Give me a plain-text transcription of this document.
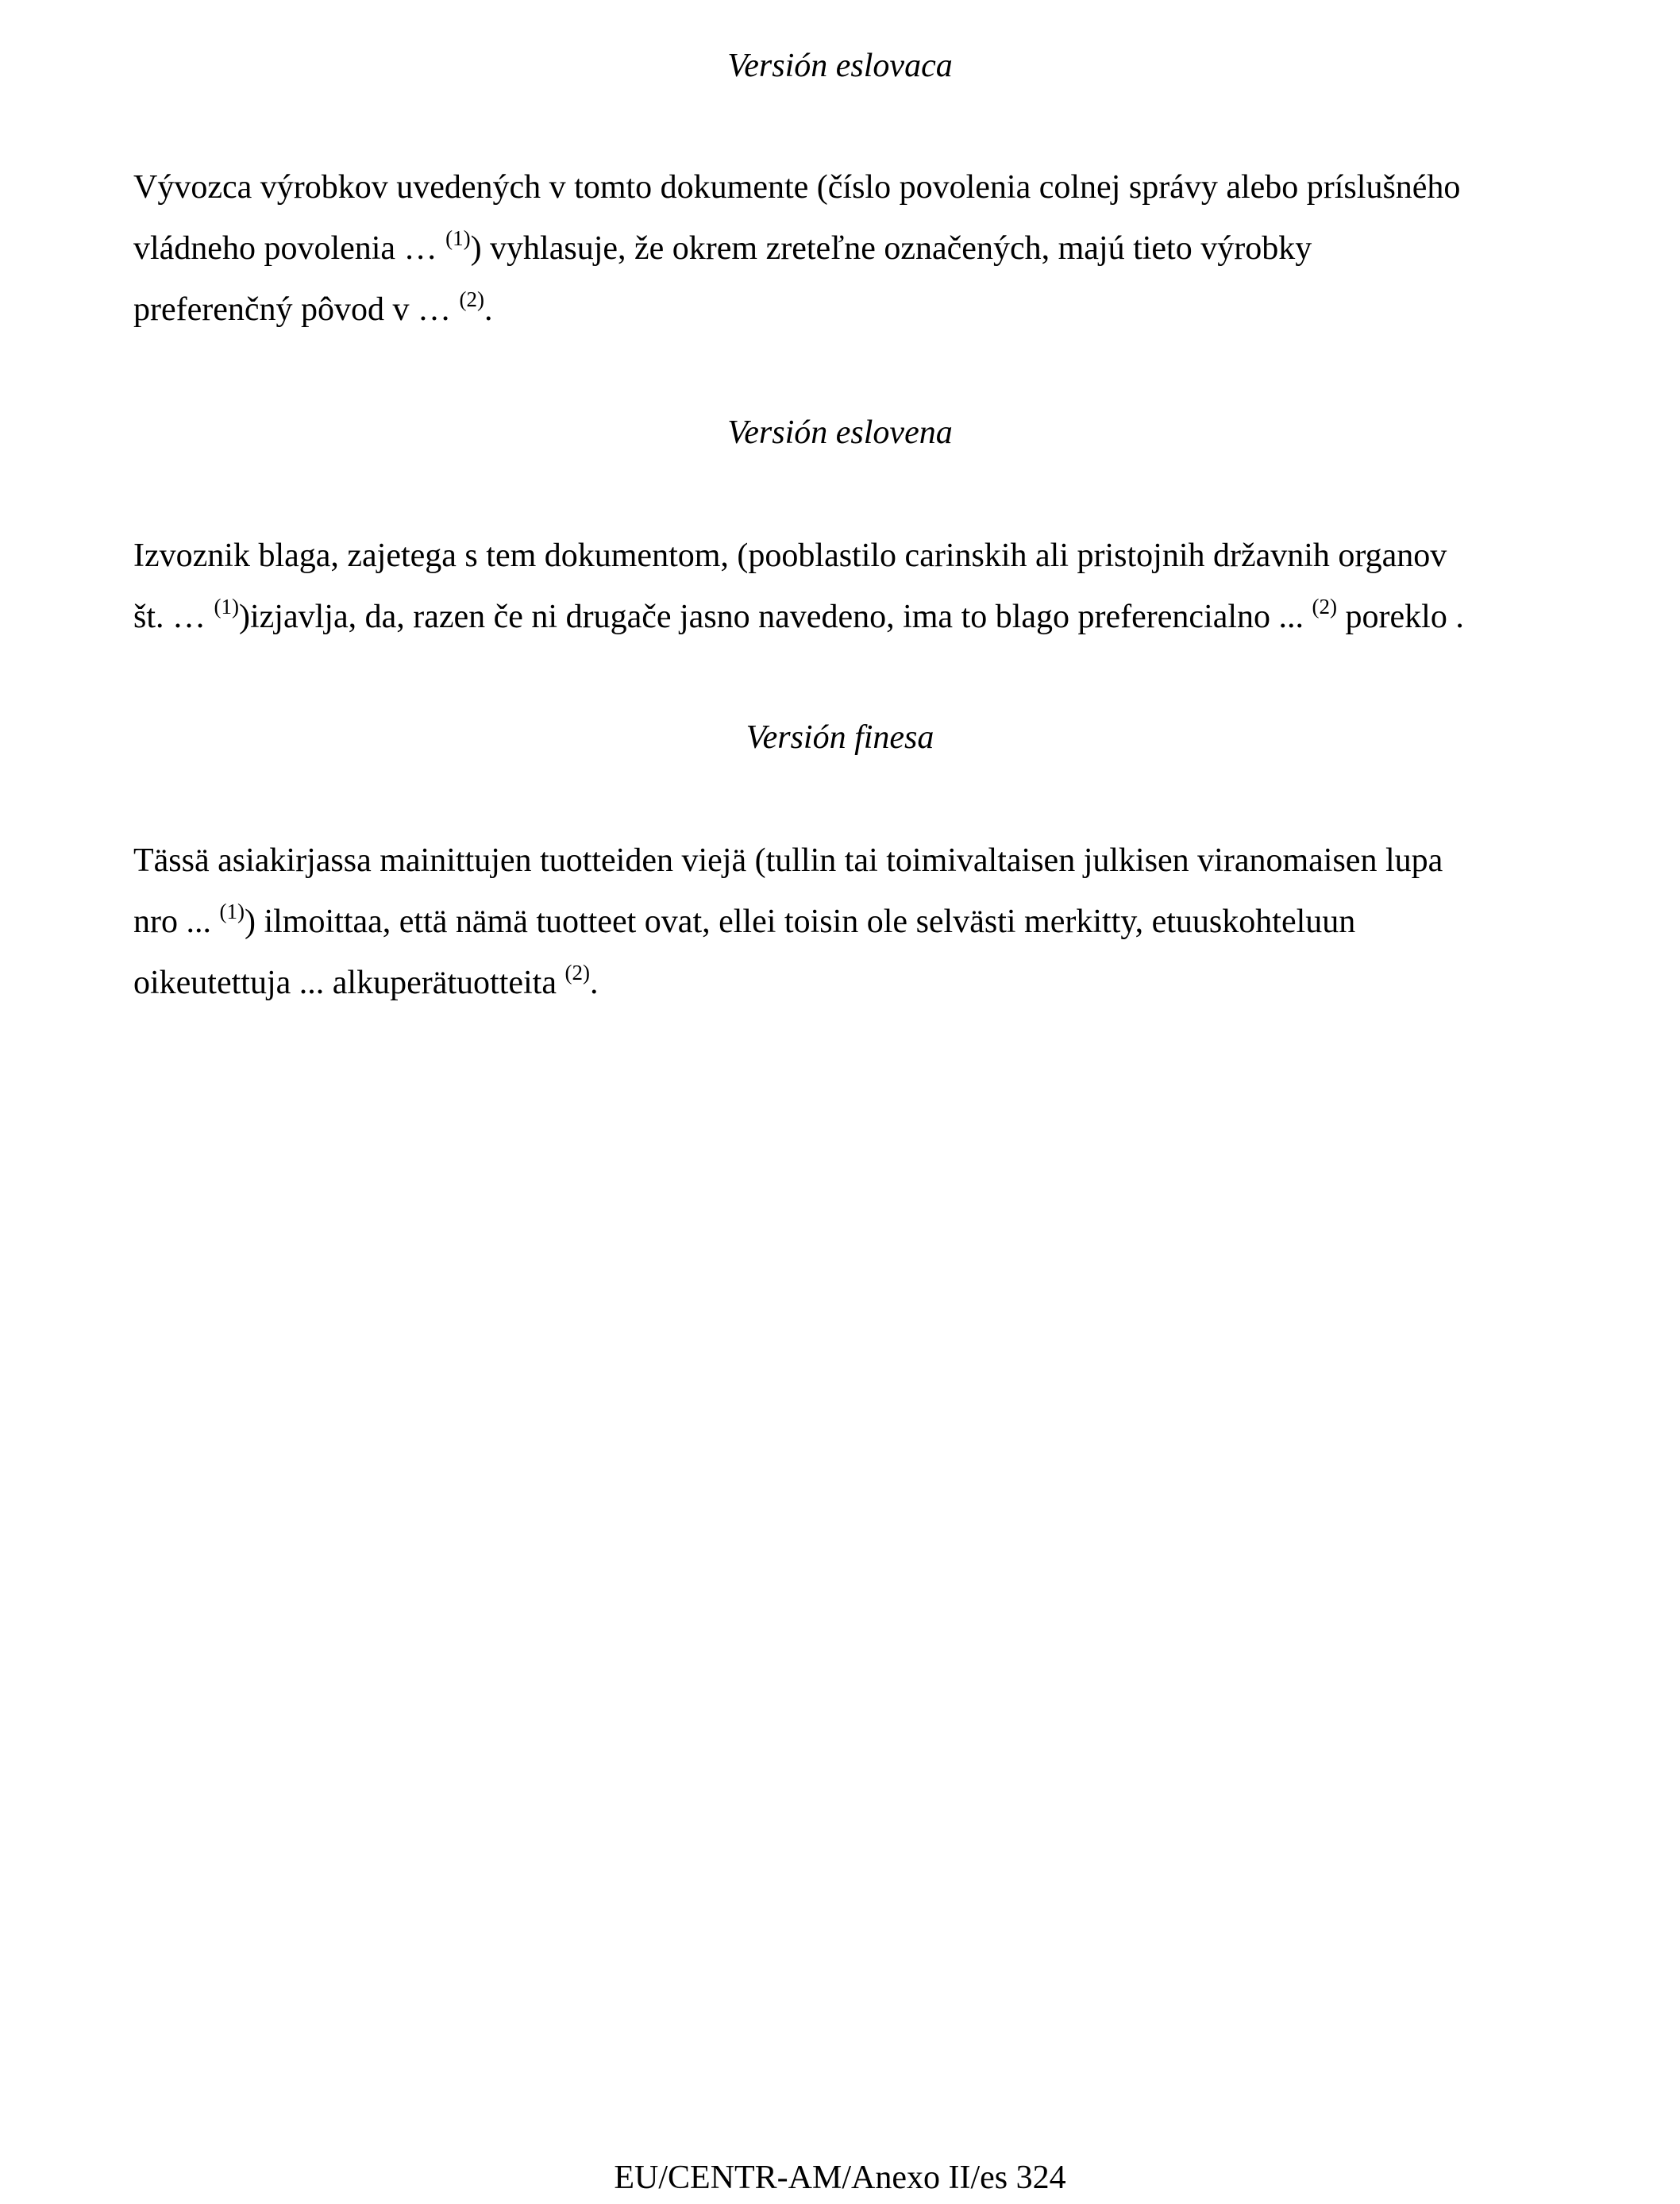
Versión eslovaca
Vývozca výrobkov uvedených v tomto dokumente (číslo povolenia colnej správy alebo príslušného
vládneho povolenia … $^{(1)}$) vyhlasuje, že okrem zreteľne označených, majú tieto výrobky
preferenčný pôvod v … $^{(2)}$.
Versión eslovena
Izvoznik blaga, zajetega s tem dokumentom, (pooblastilo carinskih ali pristojnih državnih organov
št. … $^{(1)}$)izjavlja, da, razen če ni drugače jasno navedeno, ima to blago preferencialno ... $^{(2)}$ poreklo .
Versión finesa
Tässä asiakirjassa mainittujen tuotteiden viejä (tullin tai toimivaltaisen julkisen viranomaisen lupa
nro ... $^{(1)}$) ilmoittaa, että nämä tuotteet ovat, ellei toisin ole selvästi merkitty, etuuskohteluun
oikeutettuja ... alkuperätuotteita $^{(2)}$.
EU/CENTR-AM/Anexo II/es 324
